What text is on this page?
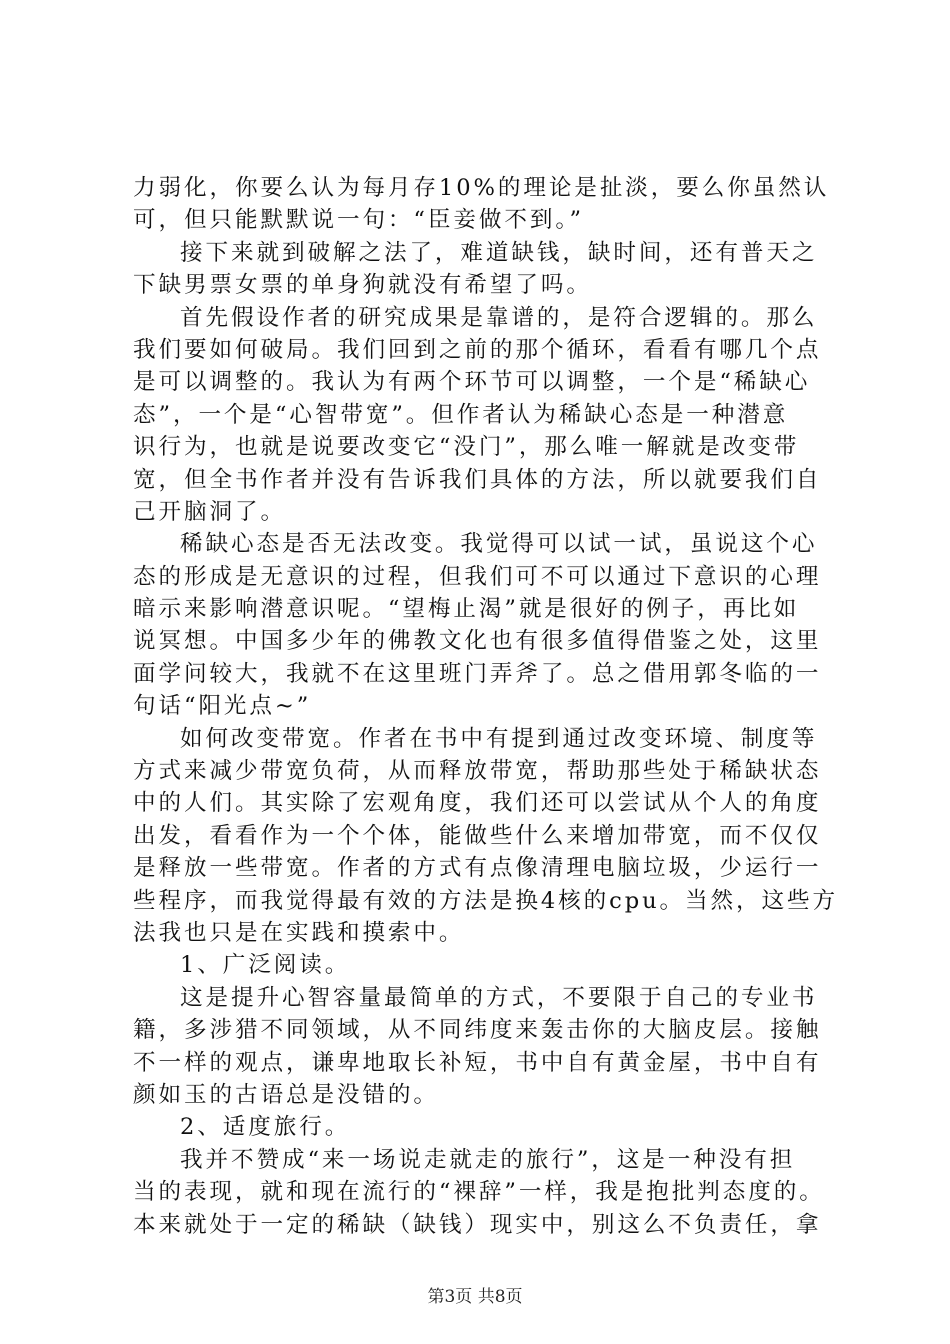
力弱化，你要么认为每月存10%的理论是扯淡，要么你虽然认
可，但只能默默说一句：“臣妾做不到。”
接下来就到破解之法了，难道缺钱，缺时间，还有普天之
下缺男票女票的单身狗就没有希望了吗。
首先假设作者的研究成果是靠谱的，是符合逻辑的。那么
我们要如何破局。我们回到之前的那个循环，看看有哪几个点
是可以调整的。我认为有两个环节可以调整，一个是“稀缺心
态”，一个是“心智带宽”。但作者认为稀缺心态是一种潜意
识行为，也就是说要改变它“没门”，那么唯一解就是改变带
宽，但全书作者并没有告诉我们具体的方法，所以就要我们自
己开脑洞了。
稀缺心态是否无法改变。我觉得可以试一试，虽说这个心
态的形成是无意识的过程，但我们可不可以通过下意识的心理
暗示来影响潜意识呢。“望梅止渴”就是很好的例子，再比如
说冥想。中国多少年的佛教文化也有很多值得借鉴之处，这里
面学问较大，我就不在这里班门弄斧了。总之借用郭冬临的一
句话“阳光点~”
如何改变带宽。作者在书中有提到通过改变环境、制度等
方式来减少带宽负荷，从而释放带宽，帮助那些处于稀缺状态
中的人们。其实除了宏观角度，我们还可以尝试从个人的角度
出发，看看作为一个个体，能做些什么来增加带宽，而不仅仅
是释放一些带宽。作者的方式有点像清理电脑垃圾，少运行一
些程序，而我觉得最有效的方法是换4核的cpu。当然，这些方
法我也只是在实践和摸索中。
1、广泛阅读。
这是提升心智容量最简单的方式，不要限于自己的专业书
籍，多涉猎不同领域，从不同纬度来轰击你的大脑皮层。接触
不一样的观点，谦卑地取长补短，书中自有黄金屋，书中自有
颜如玉的古语总是没错的。
2、适度旅行。
我并不赞成“来一场说走就走的旅行”，这是一种没有担
当的表现，就和现在流行的“裸辞”一样，我是抱批判态度的。
本来就处于一定的稀缺（缺钱）现实中，别这么不负责任，拿
第3页 共8页
